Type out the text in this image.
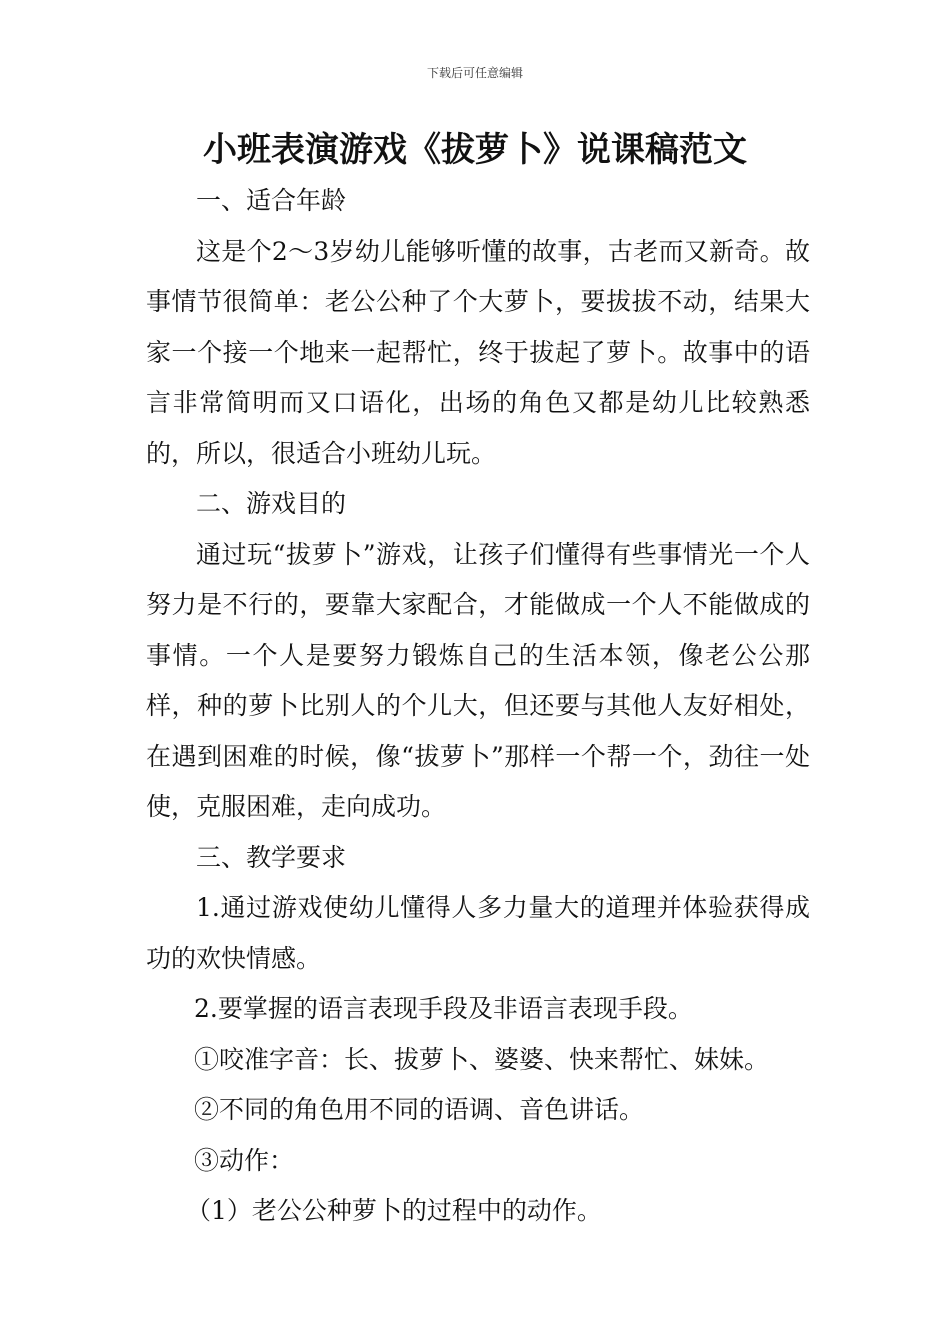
下载后可任意编辑
小班表演游戏《拔萝卜》说课稿范文

一、适合年龄

这是个2～3岁幼儿能够听懂的故事，古老而又新奇。故事情节很简单：老公公种了个大萝卜，要拔拔不动，结果大家一个接一个地来一起帮忙，终于拔起了萝卜。故事中的语言非常简明而又口语化，出场的角色又都是幼儿比较熟悉的，所以，很适合小班幼儿玩。

二、游戏目的

通过玩“拔萝卜”游戏，让孩子们懂得有些事情光一个人努力是不行的，要靠大家配合，才能做成一个人不能做成的事情。一个人是要努力锻炼自己的生活本领，像老公公那样，种的萝卜比别人的个儿大，但还要与其他人友好相处，在遇到困难的时候，像“拔萝卜”那样一个帮一个，劲往一处使，克服困难，走向成功。

三、教学要求

1.通过游戏使幼儿懂得人多力量大的道理并体验获得成功的欢快情感。

2.要掌握的语言表现手段及非语言表现手段。

①咬准字音：长、拔萝卜、婆婆、快来帮忙、妹妹。

②不同的角色用不同的语调、音色讲话。

③动作：

（1）老公公种萝卜的过程中的动作。
